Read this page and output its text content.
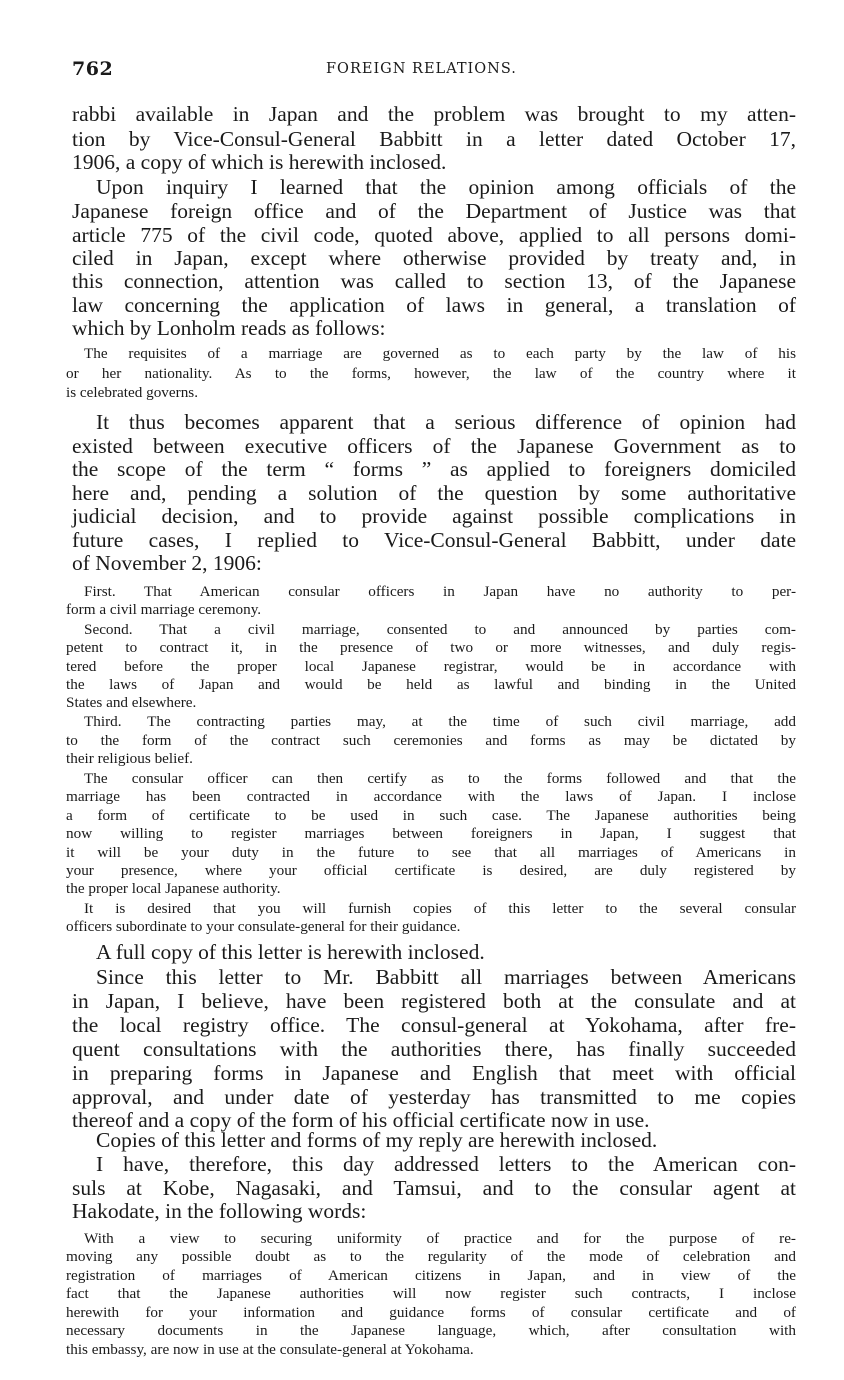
762	FOREIGN RELATIONS.
rabbi available in Japan and the problem was brought to my atten-
tion by Vice-Consul-General Babbitt in a letter dated October 17,
1906, a copy of which is herewith inclosed.
Upon inquiry I learned that the opinion among officials of the
Japanese foreign office and of the Department of Justice was that
article 775 of the civil code, quoted above, applied to all persons domi-
ciled in Japan, except where otherwise provided by treaty and, in
this connection, attention was called to section 13, of the Japanese
law concerning the application of laws in general, a translation of
which by Lonholm reads as follows:
The requisites of a marriage are governed as to each party by the law of his
or her nationality. As to the forms, however, the law of the country where it
is celebrated governs.
It thus becomes apparent that a serious difference of opinion had
existed between executive officers of the Japanese Government as to
the scope of the term “ forms ” as applied to foreigners domiciled
here and, pending a solution of the question by some authoritative
judicial decision, and to provide against possible complications in
future cases, I replied to Vice-Consul-General Babbitt, under date
of November 2, 1906:
First. That American consular officers in Japan have no authority to per-
form a civil marriage ceremony.
Second. That a civil marriage, consented to and announced by parties com-
petent to contract it, in the presence of two or more witnesses, and duly regis-
tered before the proper local Japanese registrar, would be in accordance with
the laws of Japan and would be held as lawful and binding in the United
States and elsewhere.
Third. The contracting parties may, at the time of such civil marriage, add
to the form of the contract such ceremonies and forms as may be dictated by
their religious belief.
The consular officer can then certify as to the forms followed and that the
marriage has been contracted in accordance with the laws of Japan. I inclose
a form of certificate to be used in such case. The Japanese authorities being
now willing to register marriages between foreigners in Japan, I suggest that
it will be your duty in the future to see that all marriages of Americans in
your presence, where your official certificate is desired, are duly registered by
the proper local Japanese authority.
It is desired that you will furnish copies of this letter to the several consular
officers subordinate to your consulate-general for their guidance.
A full copy of this letter is herewith inclosed.
Since this letter to Mr. Babbitt all marriages between Americans
in Japan, I believe, have been registered both at the consulate and at
the local registry office. The consul-general at Yokohama, after fre-
quent consultations with the authorities there, has finally succeeded
in preparing forms in Japanese and English that meet with official
approval, and under date of yesterday has transmitted to me copies
thereof and a copy of the form of his official certificate now in use.
Copies of this letter and forms of my reply are herewith inclosed.
I have, therefore, this day addressed letters to the American con-
suls at Kobe, Nagasaki, and Tamsui, and to the consular agent at
Hakodate, in the following words:
With a view to securing uniformity of practice and for the purpose of re-
moving any possible doubt as to the regularity of the mode of celebration and
registration of marriages of American citizens in Japan, and in view of the
fact that the Japanese authorities will now register such contracts, I inclose
herewith for your information and guidance forms of consular certificate and of
necessary documents in the Japanese language, which, after consultation with
this embassy, are now in use at the consulate-general at Yokohama.
